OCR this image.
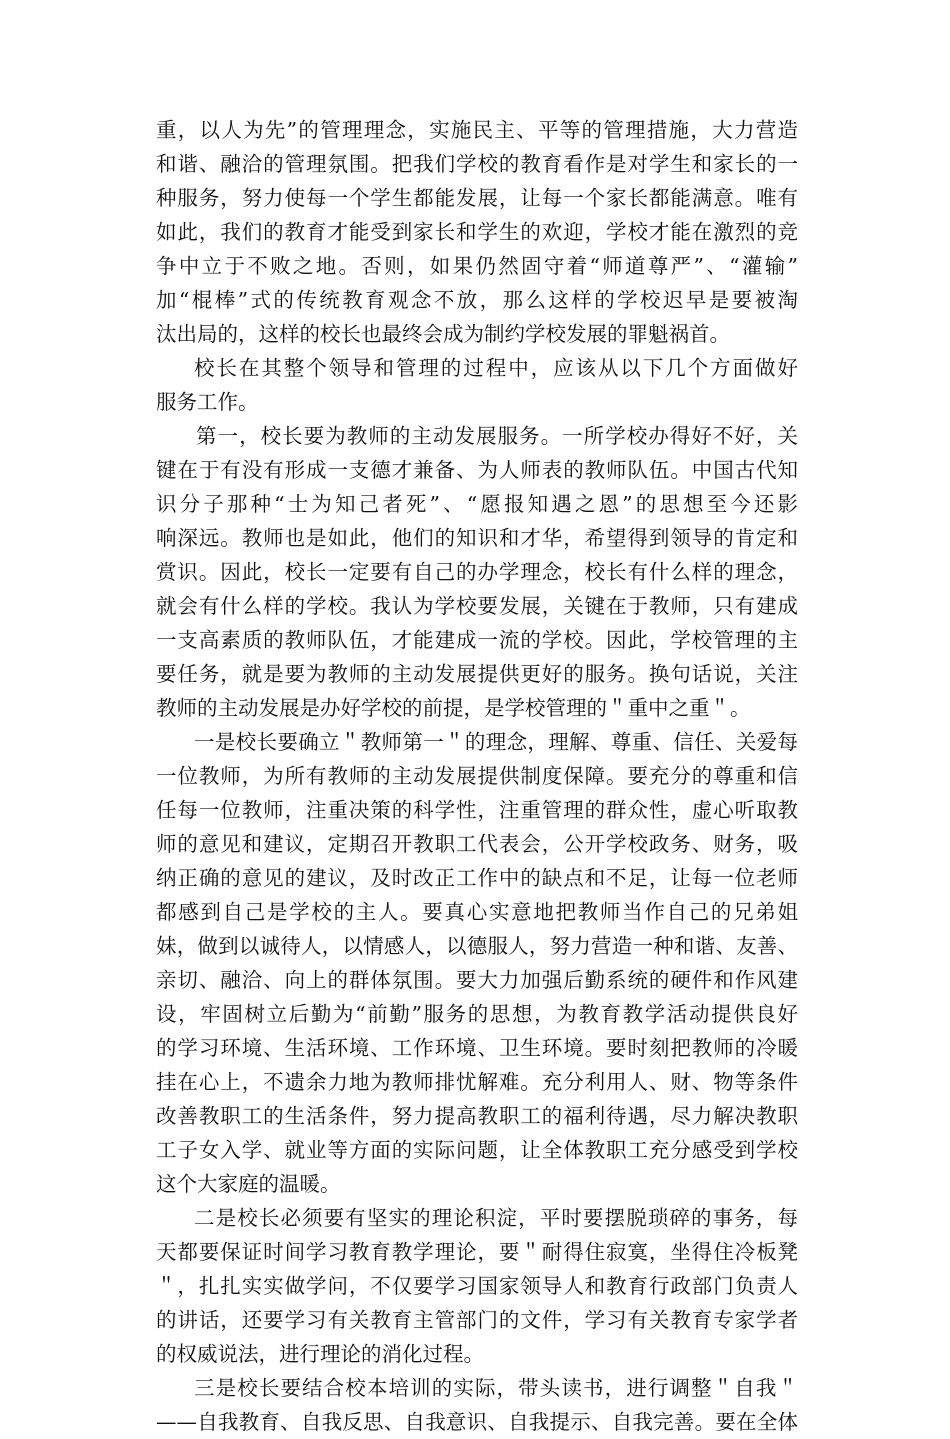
重，以人为先”的管理理念，实施民主、平等的管理措施，大力营造
和谐、融洽的管理氛围。把我们学校的教育看作是对学生和家长的一
种服务，努力使每一个学生都能发展，让每一个家长都能满意。唯有
如此，我们的教育才能受到家长和学生的欢迎，学校才能在激烈的竞
争中立于不败之地。否则，如果仍然固守着“师道尊严”、“灌输”
加“棍棒”式的传统教育观念不放，那么这样的学校迟早是要被淘
汰出局的，这样的校长也最终会成为制约学校发展的罪魁祸首。
校长在其整个领导和管理的过程中，应该从以下几个方面做好
服务工作。
第一，校长要为教师的主动发展服务。一所学校办得好不好，关
键在于有没有形成一支德才兼备、为人师表的教师队伍。中国古代知
识分子那种“士为知己者死”、“愿报知遇之恩”的思想至今还影
响深远。教师也是如此，他们的知识和才华，希望得到领导的肯定和
赏识。因此，校长一定要有自己的办学理念，校长有什么样的理念，
就会有什么样的学校。我认为学校要发展，关键在于教师，只有建成
一支高素质的教师队伍，才能建成一流的学校。因此，学校管理的主
要任务，就是要为教师的主动发展提供更好的服务。换句话说，关注
教师的主动发展是办好学校的前提，是学校管理的＂重中之重＂。
一是校长要确立＂教师第一＂的理念，理解、尊重、信任、关爱每
一位教师，为所有教师的主动发展提供制度保障。要充分的尊重和信
任每一位教师，注重决策的科学性，注重管理的群众性，虚心听取教
师的意见和建议，定期召开教职工代表会，公开学校政务、财务，吸
纳正确的意见的建议，及时改正工作中的缺点和不足，让每一位老师
都感到自己是学校的主人。要真心实意地把教师当作自己的兄弟姐
妹，做到以诚待人，以情感人，以德服人，努力营造一种和谐、友善、
亲切、融洽、向上的群体氛围。要大力加强后勤系统的硬件和作风建
设，牢固树立后勤为“前勤”服务的思想，为教育教学活动提供良好
的学习环境、生活环境、工作环境、卫生环境。要时刻把教师的冷暖
挂在心上，不遗余力地为教师排忧解难。充分利用人、财、物等条件
改善教职工的生活条件，努力提高教职工的福利待遇，尽力解决教职
工子女入学、就业等方面的实际问题，让全体教职工充分感受到学校
这个大家庭的温暖。
二是校长必须要有坚实的理论积淀，平时要摆脱琐碎的事务，每
天都要保证时间学习教育教学理论，要＂耐得住寂寞，坐得住冷板凳
＂，扎扎实实做学问，不仅要学习国家领导人和教育行政部门负责人
的讲话，还要学习有关教育主管部门的文件，学习有关教育专家学者
的权威说法，进行理论的消化过程。
三是校长要结合校本培训的实际，带头读书，进行调整＂自我＂
——自我教育、自我反思、自我意识、自我提示、自我完善。要在全体
